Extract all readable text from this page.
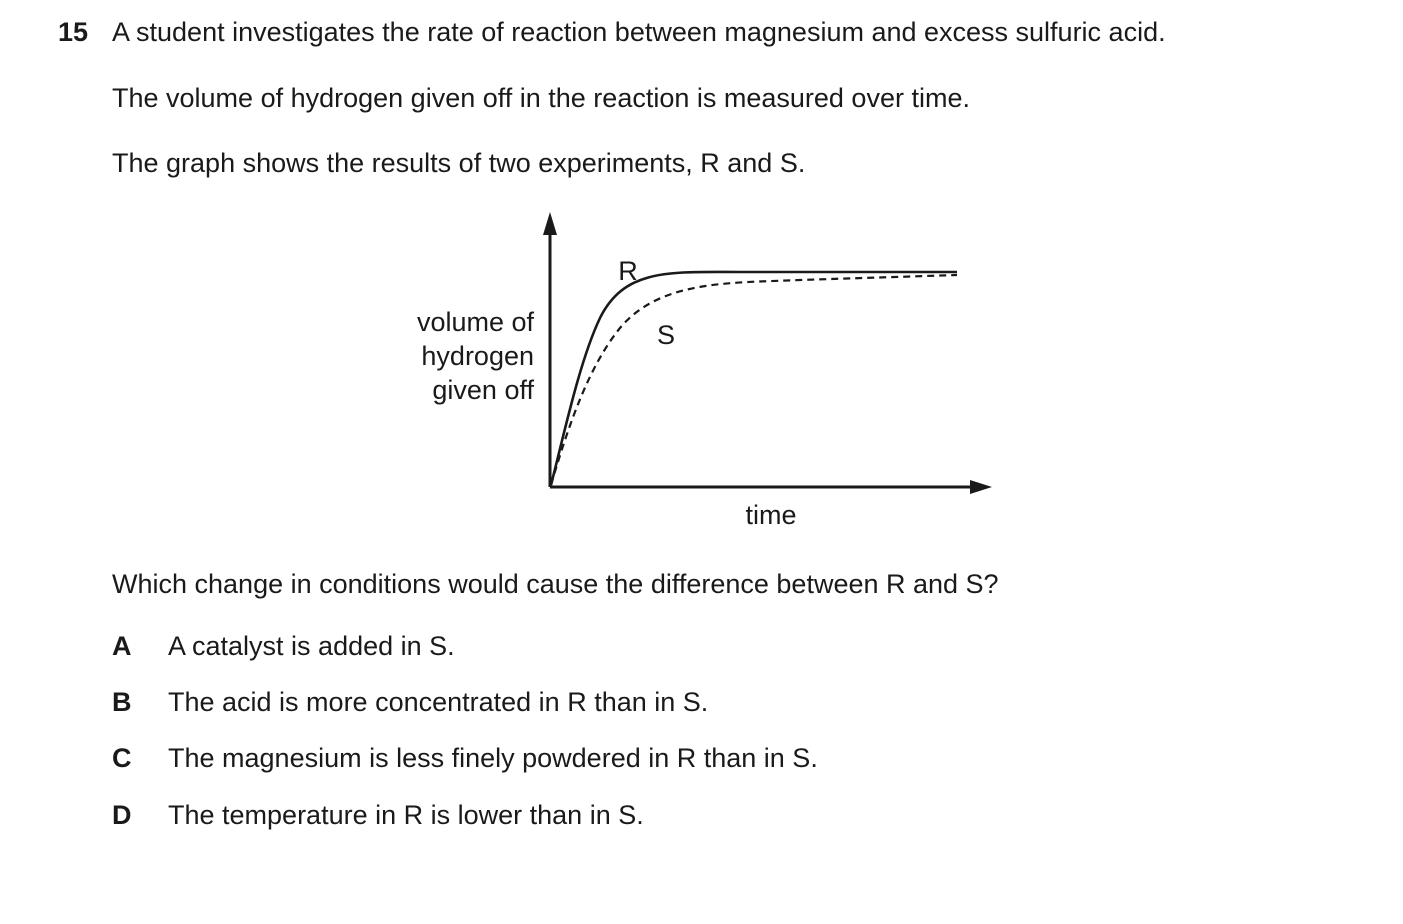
15 A student investigates the rate of reaction between magnesium and excess sulfuric acid.
The volume of hydrogen given off in the reaction is measured over time.
The graph shows the results of two experiments, R and S.
R
S
time
volume of
hydrogen
given off
Which change in conditions would cause the difference between R and S?
A A catalyst is added in S.
B The acid is more concentrated in R than in S.
C The magnesium is less finely powdered in R than in S.
D The temperature in R is lower than in S.
